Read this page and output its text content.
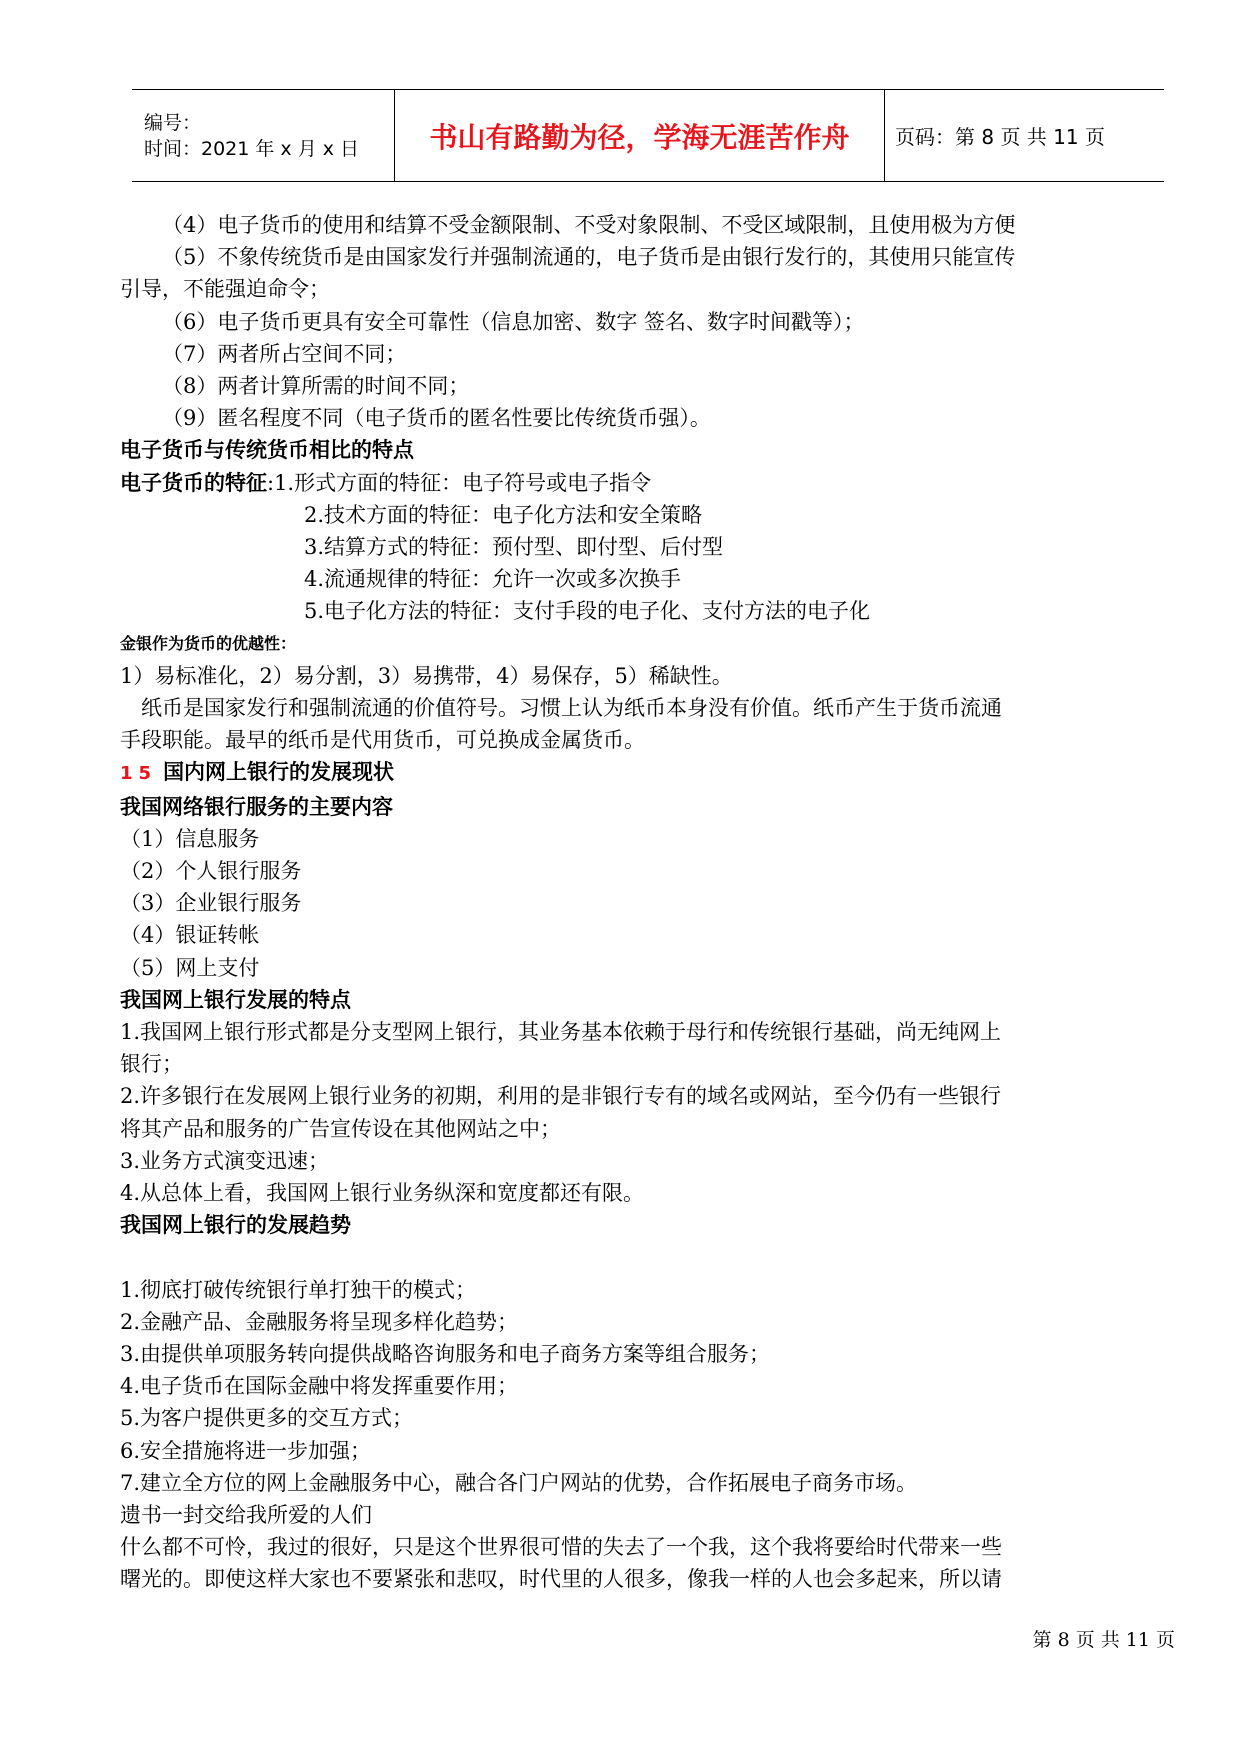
编号：
时间：2021 年 x 月 x 日	书山有路勤为径，学海无涯苦作舟 页码：第 8 页 共 11 页
（4）电子货币的使用和结算不受金额限制、不受对象限制、不受区域限制，且使用极为方便
（5）不象传统货币是由国家发行并强制流通的，电子货币是由银行发行的，其使用只能宣传
引导，不能强迫命令；
（6）电子货币更具有安全可靠性（信息加密、数字 签名、数字时间戳等）；
（7）两者所占空间不同；
（8）两者计算所需的时间不同；
（9）匿名程度不同（电子货币的匿名性要比传统货币强）。
电子货币与传统货币相比的特点
电子货币的特征:1.形式方面的特征：电子符号或电子指令
2.技术方面的特征：电子化方法和安全策略
3.结算方式的特征：预付型、即付型、后付型
4.流通规律的特征：允许一次或多次换手
5.电子化方法的特征：支付手段的电子化、支付方法的电子化
金银作为货币的优越性：
1）易标准化，2）易分割，3）易携带，4）易保存，5）稀缺性。
纸币是国家发行和强制流通的价值符号。习惯上认为纸币本身没有价值。纸币产生于货币流通
手段职能。最早的纸币是代用货币，可兑换成金属货币。
15 国内网上银行的发展现状
我国网络银行服务的主要内容
（1）信息服务
（2）个人银行服务
（3）企业银行服务
（4）银证转帐
（5）网上支付
我国网上银行发展的特点
1.我国网上银行形式都是分支型网上银行，其业务基本依赖于母行和传统银行基础，尚无纯网上
银行；
2.许多银行在发展网上银行业务的初期，利用的是非银行专有的域名或网站，至今仍有一些银行
将其产品和服务的广告宣传设在其他网站之中；
3.业务方式演变迅速；
4.从总体上看，我国网上银行业务纵深和宽度都还有限。
我国网上银行的发展趋势
1.彻底打破传统银行单打独干的模式；
2.金融产品、金融服务将呈现多样化趋势；
3.由提供单项服务转向提供战略咨询服务和电子商务方案等组合服务；
4.电子货币在国际金融中将发挥重要作用；
5.为客户提供更多的交互方式；
6.安全措施将进一步加强；
7.建立全方位的网上金融服务中心，融合各门户网站的优势，合作拓展电子商务市场。
遗书一封交给我所爱的人们
什么都不可怜，我过的很好，只是这个世界很可惜的失去了一个我，这个我将要给时代带来一些
曙光的。即使这样大家也不要紧张和悲叹，时代里的人很多，像我一样的人也会多起来，所以请
第 8 页 共 11 页
